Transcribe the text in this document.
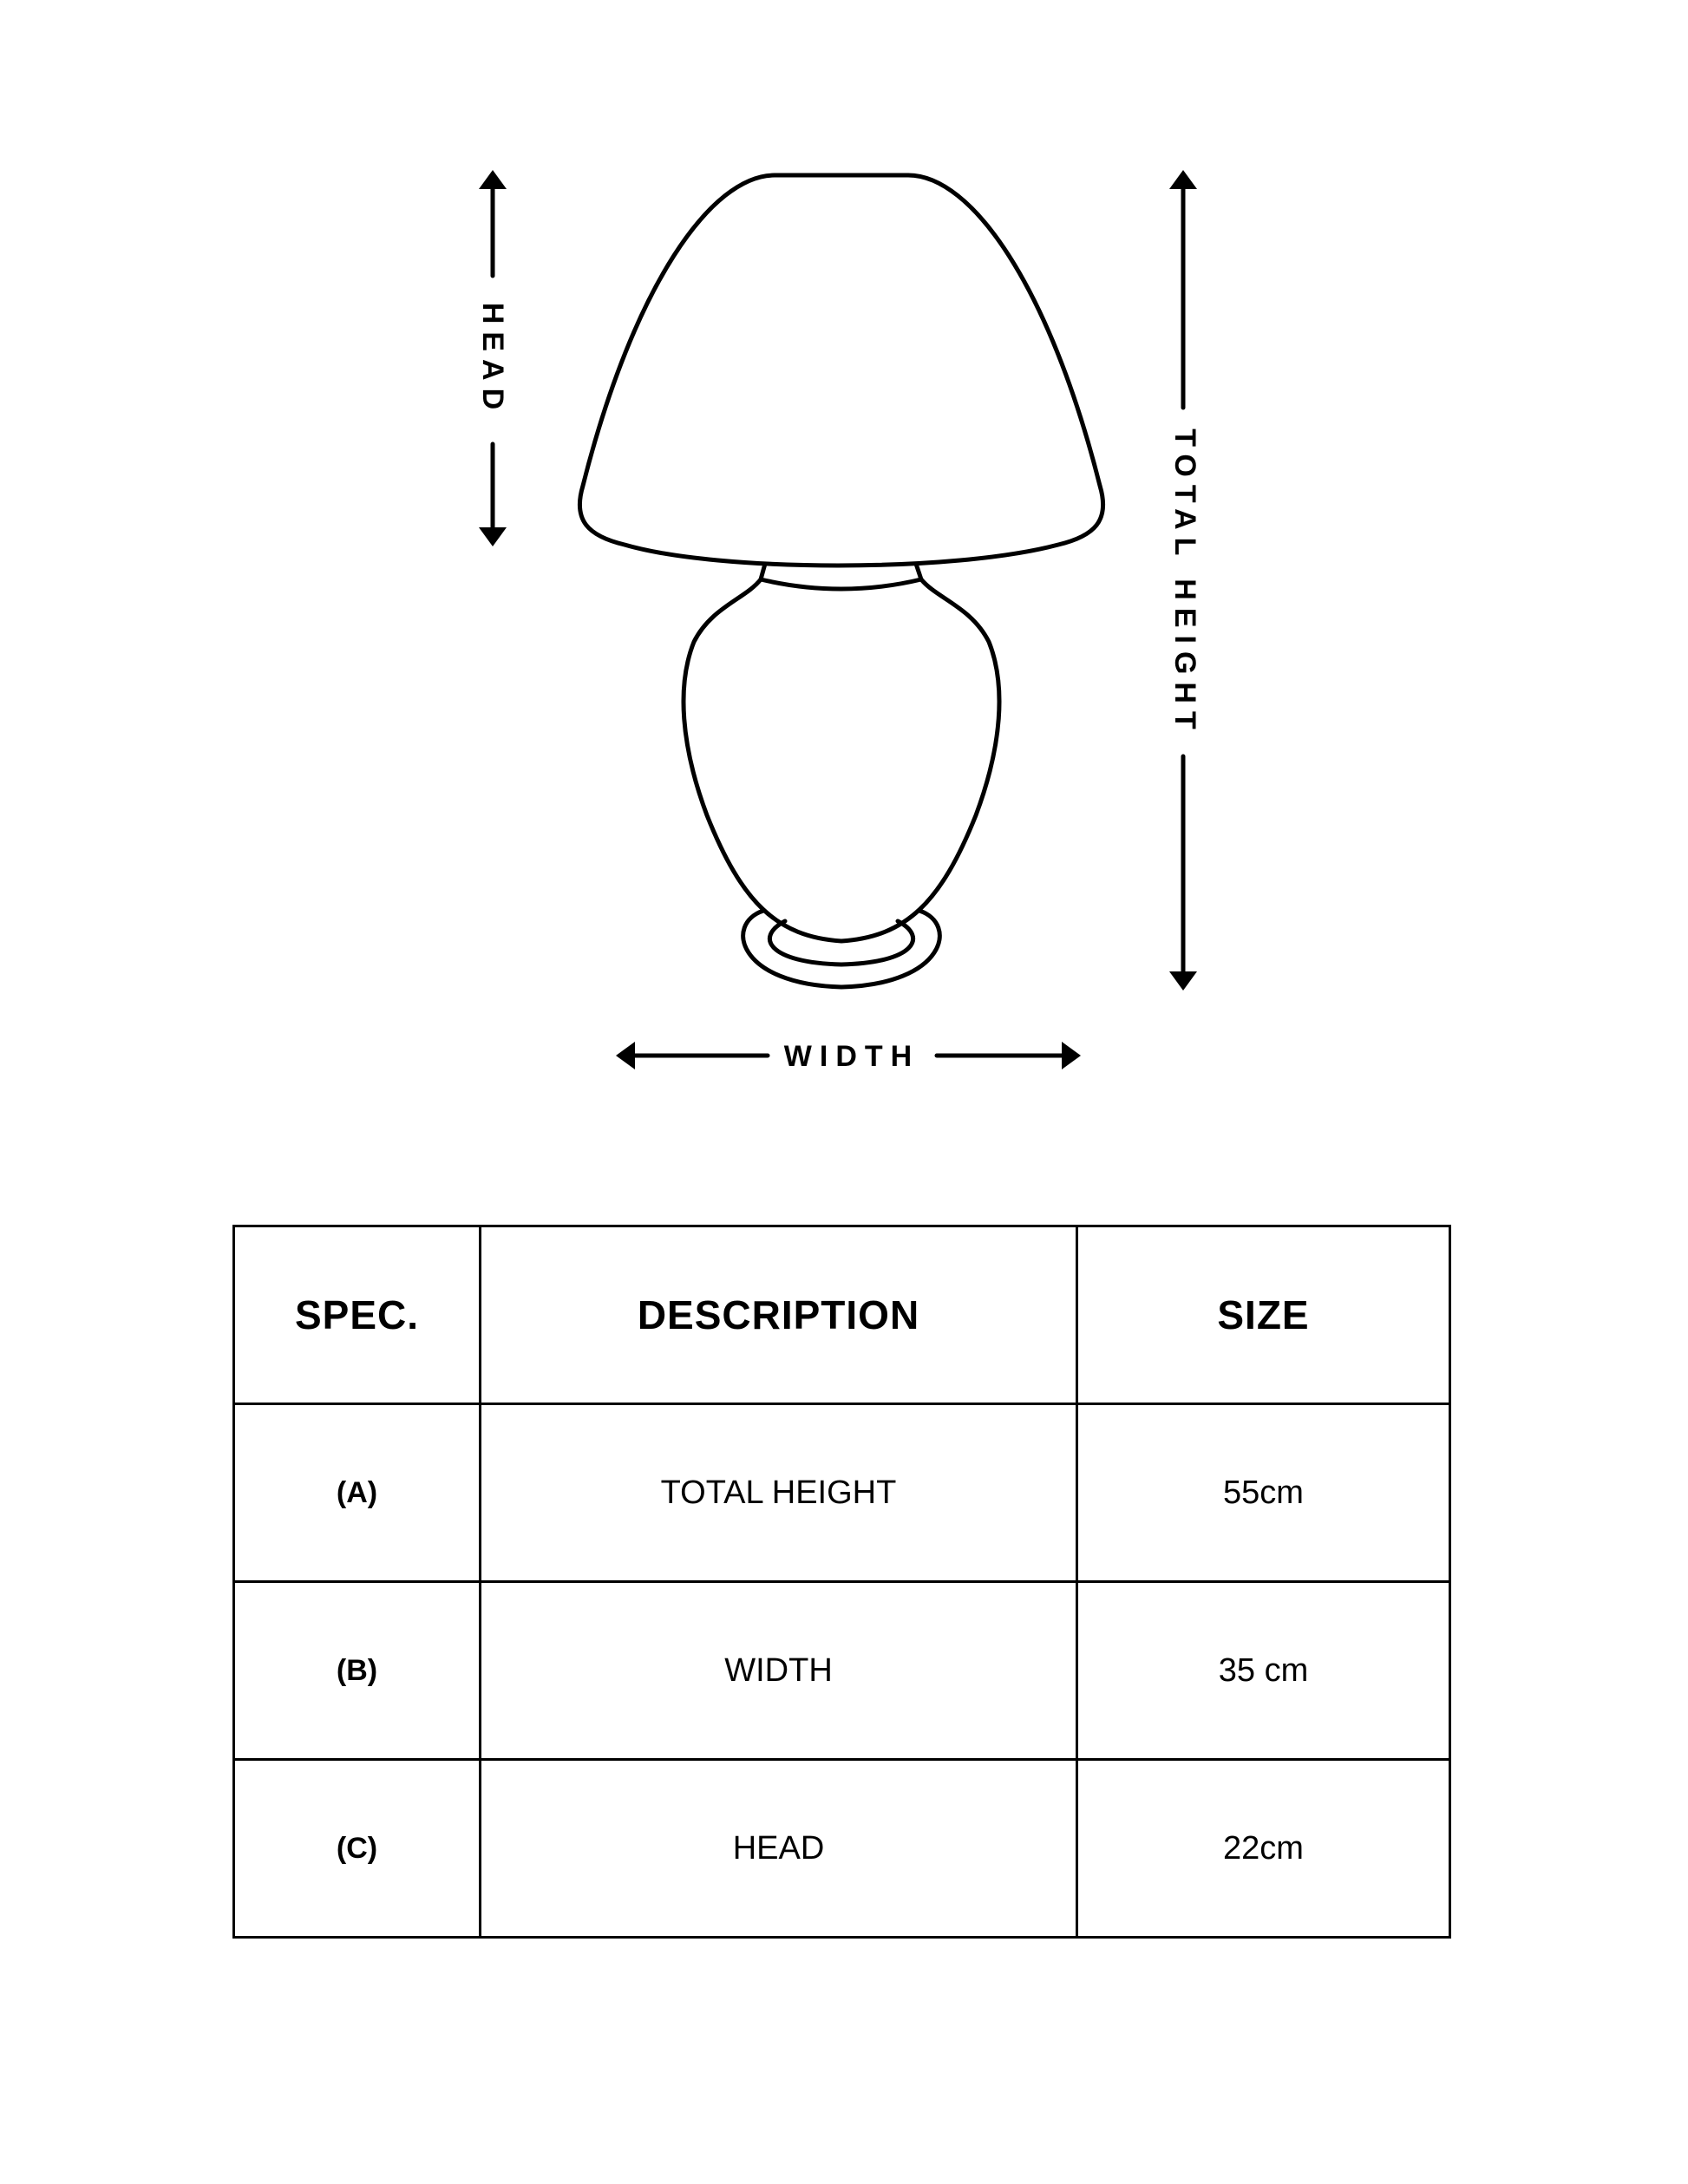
HEAD
TOTAL HEIGHT
WIDTH
SPEC.	DESCRIPTION	SIZE
(A)	TOTAL HEIGHT	55cm
(B)	WIDTH	35 cm
(C)	HEAD	22cm
